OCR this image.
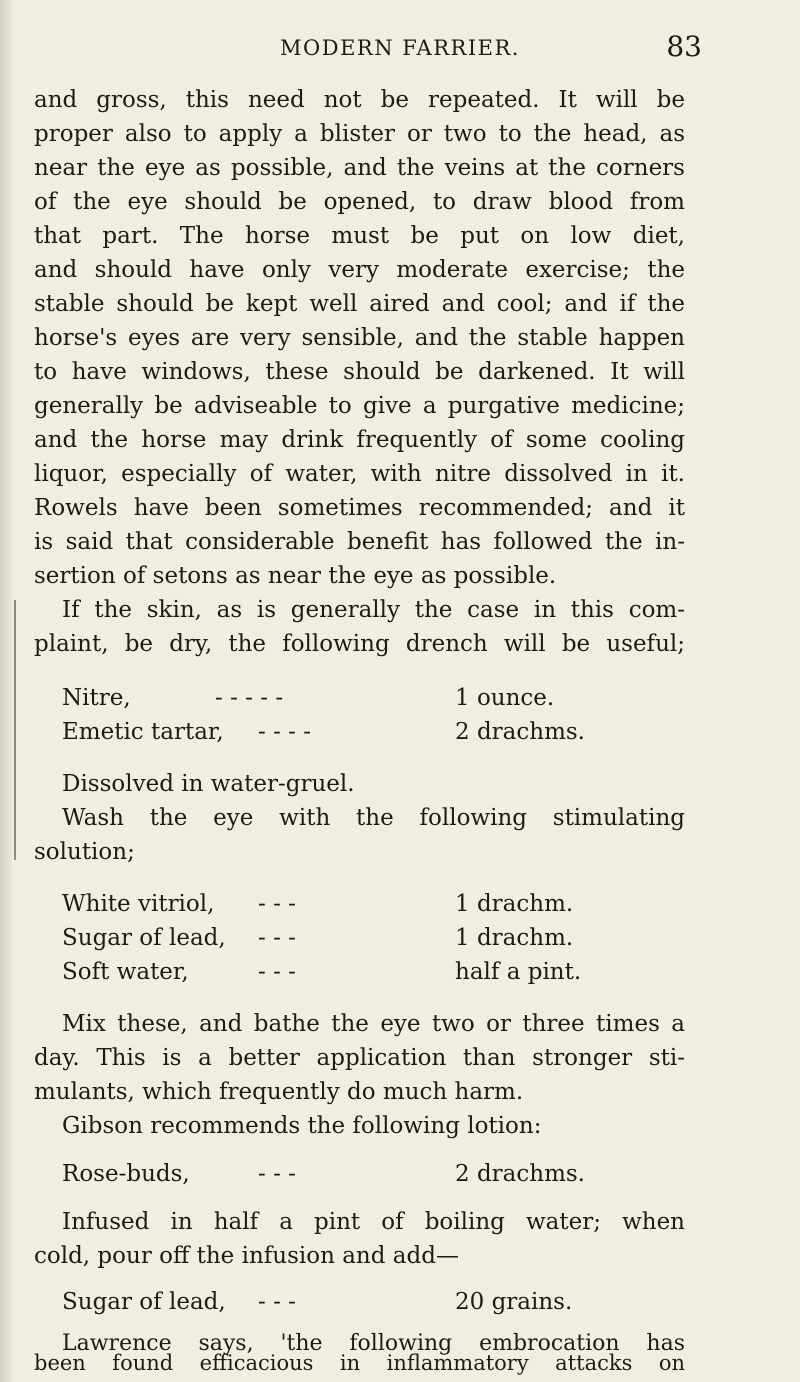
MODERN FARRIER.	83
and gross, this need not be repeated. It will be
proper also to apply a blister or two to the head, as
near the eye as possible, and the veins at the corners
of the eye should be opened, to draw blood from
that part. The horse must be put on low diet,
and should have only very moderate exercise; the
stable should be kept well aired and cool; and if the
horse's eyes are very sensible, and the stable happen
to have windows, these should be darkened. It will
generally be adviseable to give a purgative medicine;
and the horse may drink frequently of some cooling
liquor, especially of water, with nitre dissolved in it.
Rowels have been sometimes recommended; and it
is said that considerable benefit has followed the in-
sertion of setons as near the eye as possible.
If the skin, as is generally the case in this com-
plaint, be dry, the following drench will be useful;
Nitre,	- - - - -	1 ounce.
Emetic tartar, - - - -	2 drachms.
Dissolved in water-gruel.
Wash the eye with the following stimulating
solution;
White vitriol, - - -	1 drachm.
Sugar of lead, - - -	1 drachm.
Soft water,	- - -	half a pint.
Mix these, and bathe the eye two or three times a
day. This is a better application than stronger sti-
mulants, which frequently do much harm.
Gibson recommends the following lotion:
Rose-buds,	- - -	2 drachms.
Infused in half a pint of boiling water; when
cold, pour off the infusion and add—
Sugar of lead, - - -	20 grains.
Lawrence says, 'the following embrocation has
been found efficacious in inflammatory attacks on
